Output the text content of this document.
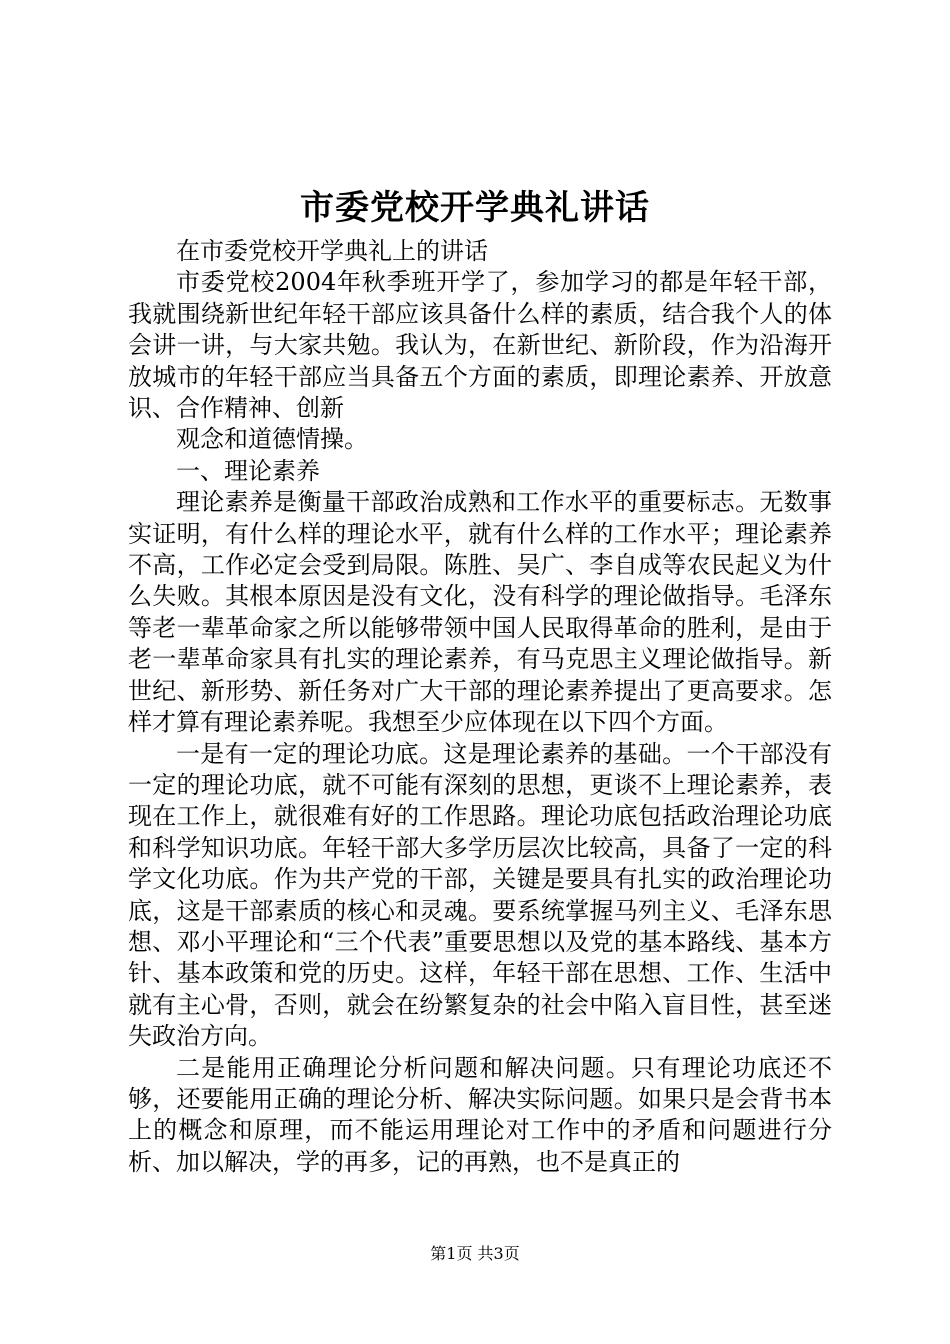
市委党校开学典礼讲话

在市委党校开学典礼上的讲话

市委党校2004年秋季班开学了，参加学习的都是年轻干部，我就围绕新世纪年轻干部应该具备什么样的素质，结合我个人的体会讲一讲，与大家共勉。我认为，在新世纪、新阶段，作为沿海开放城市的年轻干部应当具备五个方面的素质，即理论素养、开放意识、合作精神、创新

观念和道德情操。

一、理论素养

理论素养是衡量干部政治成熟和工作水平的重要标志。无数事实证明，有什么样的理论水平，就有什么样的工作水平；理论素养不高，工作必定会受到局限。陈胜、吴广、李自成等农民起义为什么失败。其根本原因是没有文化，没有科学的理论做指导。毛泽东等老一辈革命家之所以能够带领中国人民取得革命的胜利，是由于老一辈革命家具有扎实的理论素养，有马克思主义理论做指导。新世纪、新形势、新任务对广大干部的理论素养提出了更高要求。怎样才算有理论素养呢。我想至少应体现在以下四个方面。

一是有一定的理论功底。这是理论素养的基础。一个干部没有一定的理论功底，就不可能有深刻的思想，更谈不上理论素养，表现在工作上，就很难有好的工作思路。理论功底包括政治理论功底和科学知识功底。年轻干部大多学历层次比较高，具备了一定的科学文化功底。作为共产党的干部，关键是要具有扎实的政治理论功底，这是干部素质的核心和灵魂。要系统掌握马列主义、毛泽东思想、邓小平理论和“三个代表”重要思想以及党的基本路线、基本方针、基本政策和党的历史。这样，年轻干部在思想、工作、生活中就有主心骨，否则，就会在纷繁复杂的社会中陷入盲目性，甚至迷失政治方向。

二是能用正确理论分析问题和解决问题。只有理论功底还不够，还要能用正确的理论分析、解决实际问题。如果只是会背书本上的概念和原理，而不能运用理论对工作中的矛盾和问题进行分析、加以解决，学的再多，记的再熟，也不是真正的

第1页 共3页
